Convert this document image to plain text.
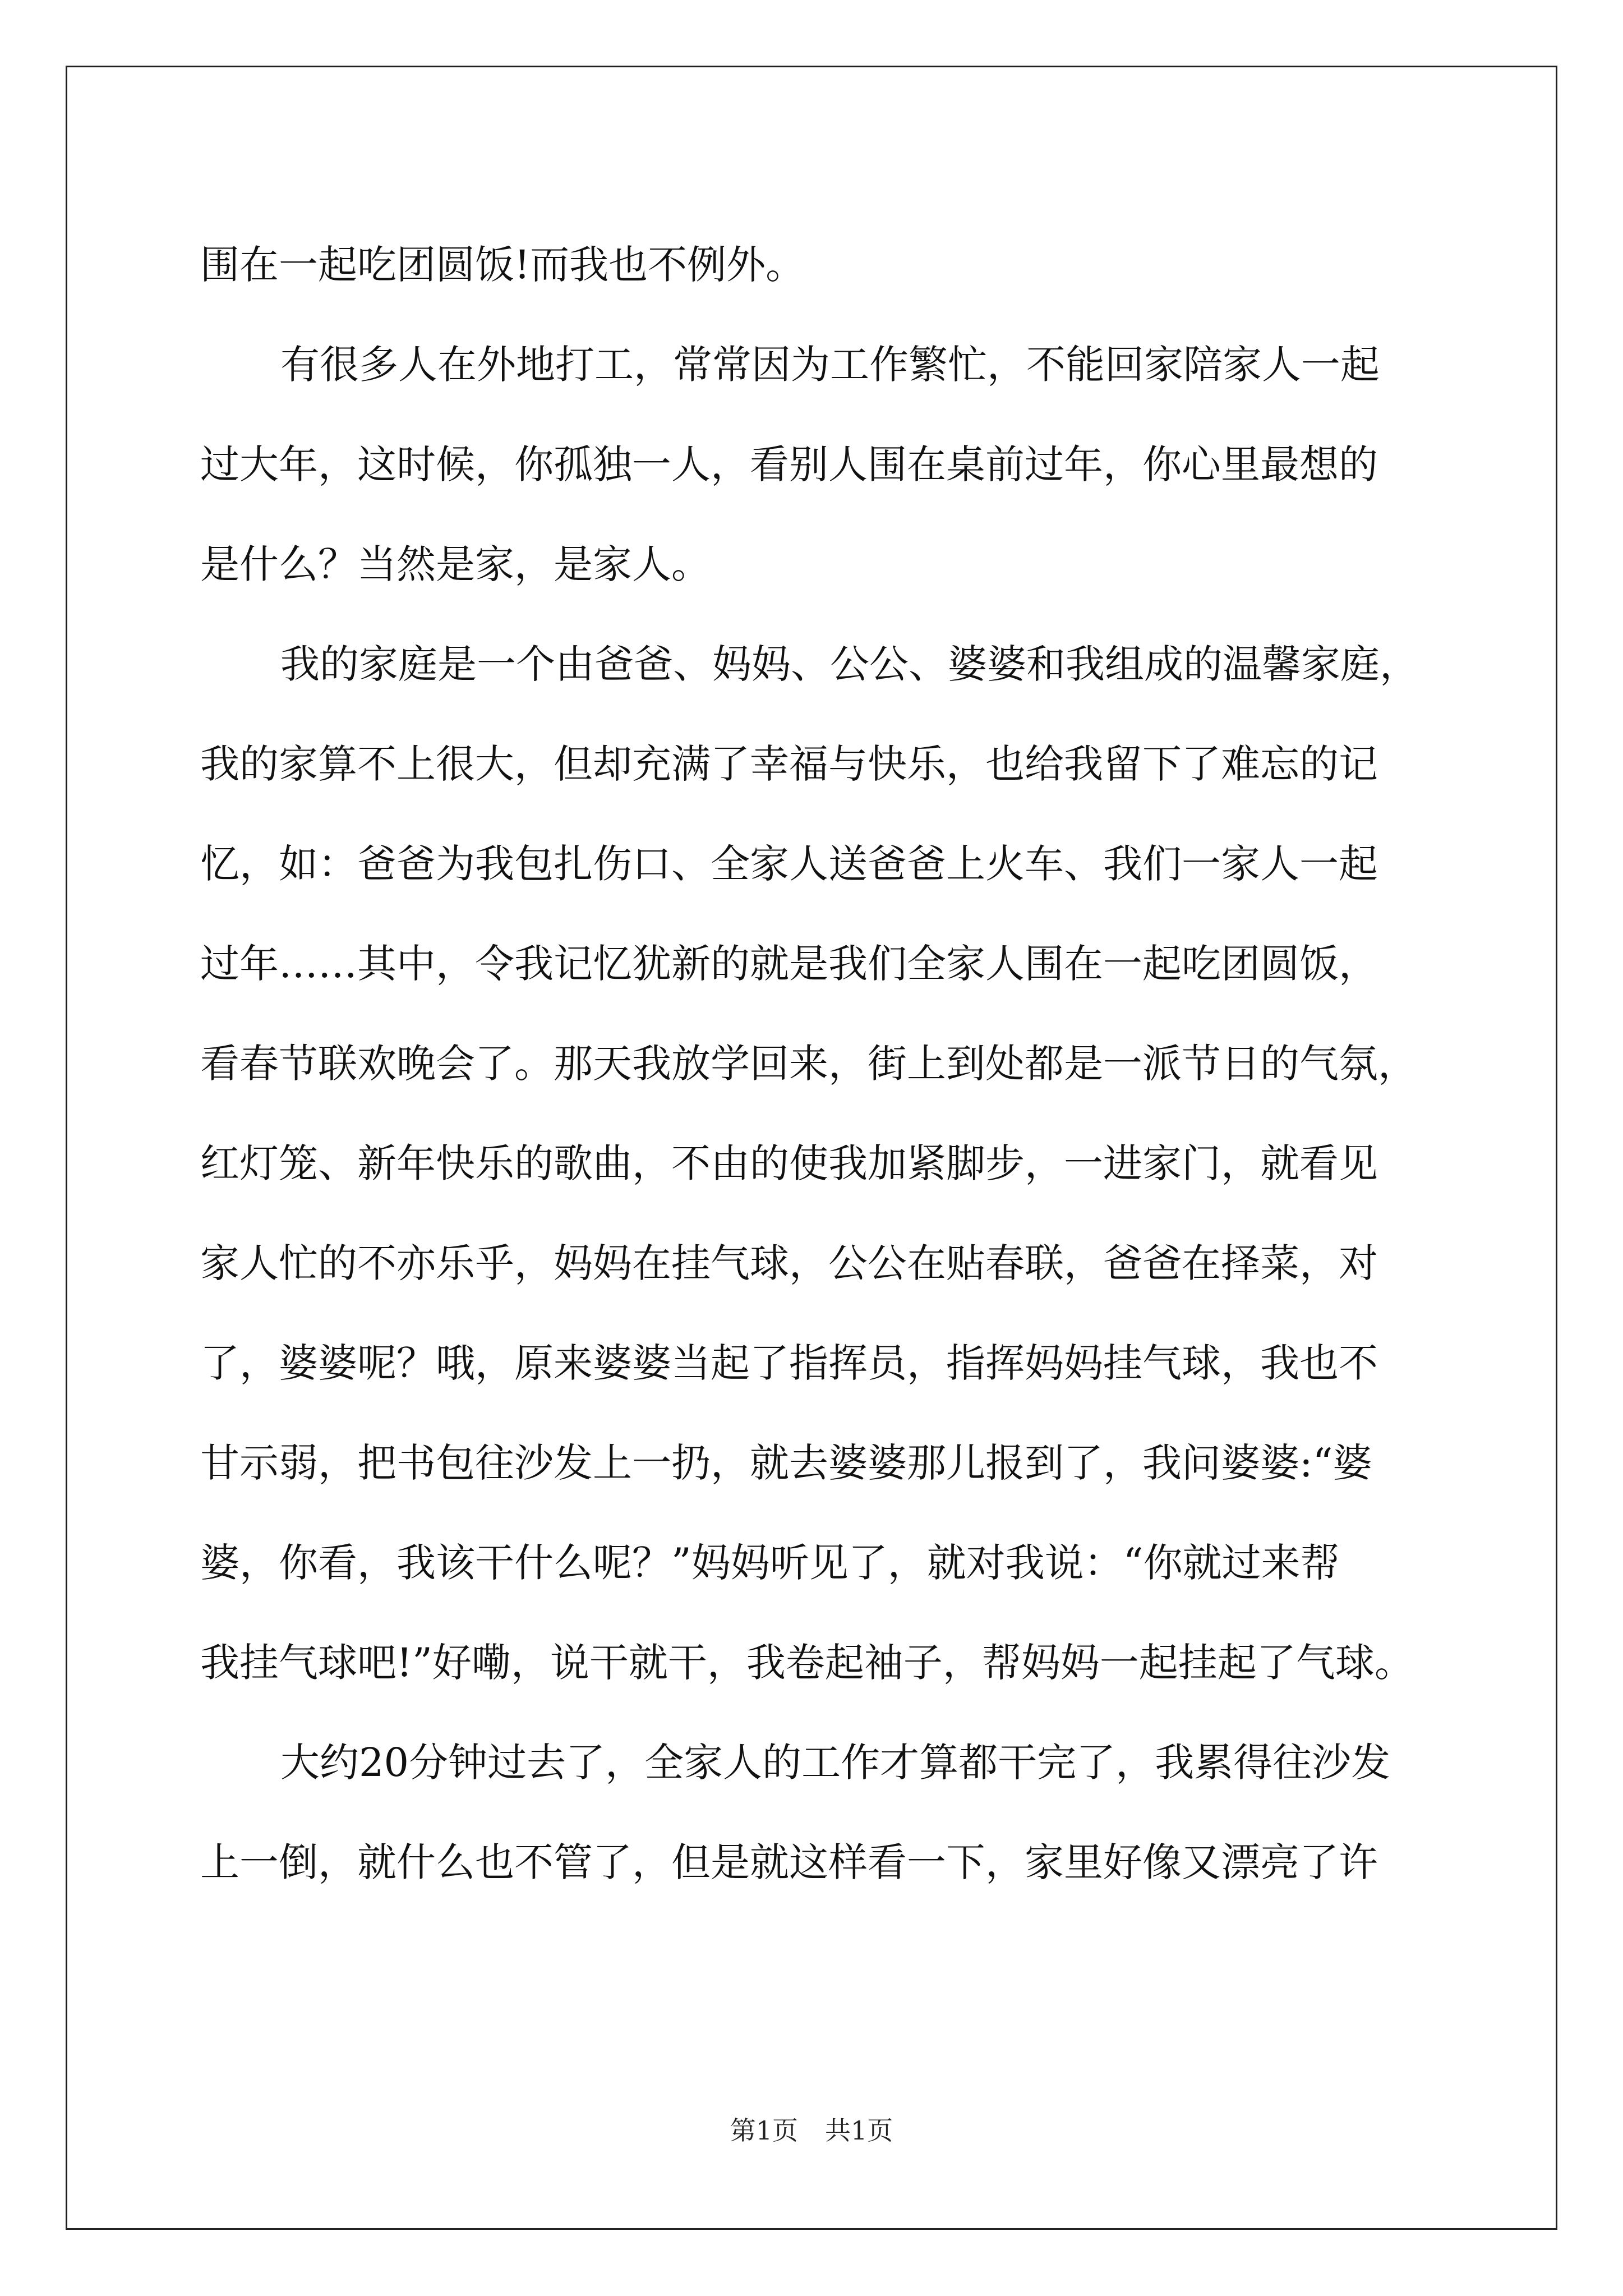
围在一起吃团圆饭!而我也不例外。
有很多人在外地打工，常常因为工作繁忙，不能回家陪家人一起
过大年，这时候，你孤独一人，看别人围在桌前过年，你心里最想的
是什么？当然是家，是家人。
我的家庭是一个由爸爸、妈妈、公公、婆婆和我组成的温馨家庭，
我的家算不上很大，但却充满了幸福与快乐，也给我留下了难忘的记
忆，如：爸爸为我包扎伤口、全家人送爸爸上火车、我们一家人一起
过年……其中，令我记忆犹新的就是我们全家人围在一起吃团圆饭，
看春节联欢晚会了。那天我放学回来，街上到处都是一派节日的气氛，
红灯笼、新年快乐的歌曲，不由的使我加紧脚步，一进家门，就看见
家人忙的不亦乐乎，妈妈在挂气球，公公在贴春联，爸爸在择菜，对
了，婆婆呢？哦，原来婆婆当起了指挥员，指挥妈妈挂气球，我也不
甘示弱，把书包往沙发上一扔，就去婆婆那儿报到了，我问婆婆:“婆
婆，你看，我该干什么呢？”妈妈听见了，就对我说：“你就过来帮
我挂气球吧!”好嘞，说干就干，我卷起袖子，帮妈妈一起挂起了气球。
大约20分钟过去了，全家人的工作才算都干完了，我累得往沙发
上一倒，就什么也不管了，但是就这样看一下，家里好像又漂亮了许
第1页 共1页
